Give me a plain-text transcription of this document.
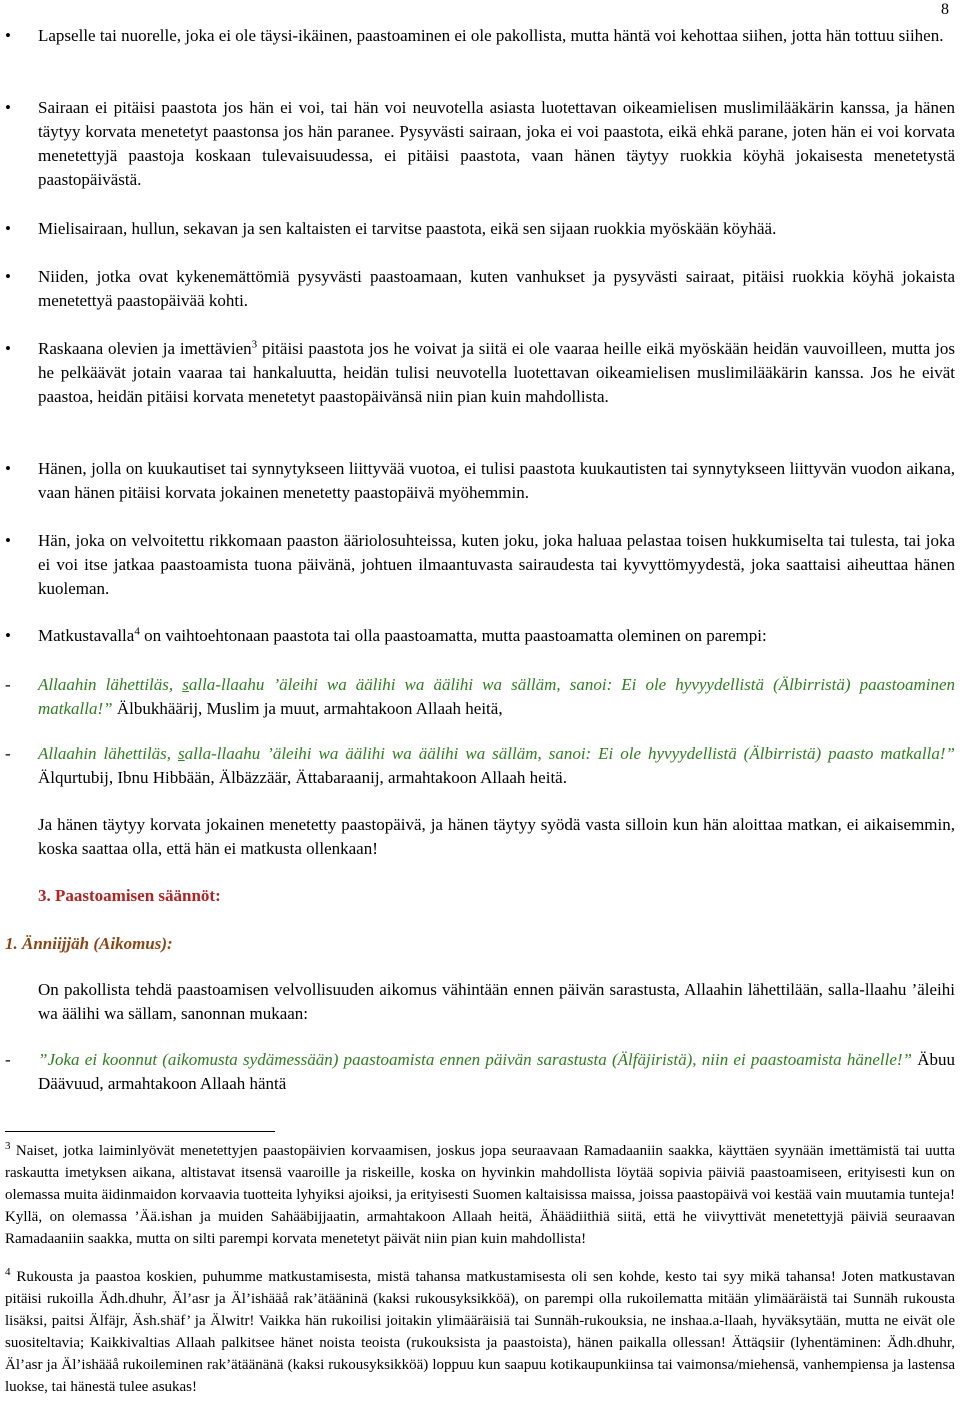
8
• Lapselle tai nuorelle, joka ei ole täysi-ikäinen, paastoaminen ei ole pakollista, mutta häntä voi kehottaa siihen, jotta hän tottuu siihen.
• Sairaan ei pitäisi paastota jos hän ei voi, tai hän voi neuvotella asiasta luotettavan oikeamielisen muslimilääkärin kanssa, ja hänen täytyy korvata menetetyt paastonsa jos hän paranee. Pysyvästi sairaan, joka ei voi paastota, eikä ehkä parane, joten hän ei voi korvata menetettyjä paastoja koskaan tulevaisuudessa, ei pitäisi paastota, vaan hänen täytyy ruokkia köyhä jokaisesta menetetystä paastopäivästä.
• Mielisairaan, hullun, sekavan ja sen kaltaisten ei tarvitse paastota, eikä sen sijaan ruokkia myöskään köyhää.
• Niiden, jotka ovat kykenemättömiä pysyvästi paastoamaan, kuten vanhukset ja pysyvästi sairaat, pitäisi ruokkia köyhä jokaista menetettyä paastopäivää kohti.
• Raskaana olevien ja imettävien$^3$ pitäisi paastota jos he voivat ja siitä ei ole vaaraa heille eikä myöskään heidän vauvoilleen, mutta jos he pelkäävät jotain vaaraa tai hankaluutta, heidän tulisi neuvotella luotettavan oikeamielisen muslimilääkärin kanssa. Jos he eivät paastoa, heidän pitäisi korvata menetetyt paastopäivänsä niin pian kuin mahdollista.
• Hänen, jolla on kuukautiset tai synnytykseen liittyvää vuotoa, ei tulisi paastota kuukautisten tai synnytykseen liittyvän vuodon aikana, vaan hänen pitäisi korvata jokainen menetetty paastopäivä myöhemmin.
• Hän, joka on velvoitettu rikkomaan paaston ääriolosuhteissa, kuten joku, joka haluaa pelastaa toisen hukkumiselta tai tulesta, tai joka ei voi itse jatkaa paastoamista tuona päivänä, johtuen ilmaantuvasta sairaudesta tai kyvyttömyydestä, joka saattaisi aiheuttaa hänen kuoleman.
• Matkustavalla$^4$ on vaihtoehtonaan paastota tai olla paastoamatta, mutta paastoamatta oleminen on parempi:
- Allaahin lähettiläs, salla-llaahu ’äleihi wa äälihi wa äälihi wa sälläm, sanoi: Ei ole hyvyydellistä (Älbirristä) paastoaminen matkalla!” Älbukhäärij, Muslim ja muut, armahtakoon Allaah heitä,
- Allaahin lähettiläs, salla-llaahu ’äleihi wa äälihi wa äälihi wa sälläm, sanoi: Ei ole hyvyydellistä (Älbirristä) paasto matkalla!” Älqurtubij, Ibnu Hibbään, Älbäzzäär, Ättabaraanij, armahtakoon Allaah heitä.
Ja hänen täytyy korvata jokainen menetetty paastopäivä, ja hänen täytyy syödä vasta silloin kun hän aloittaa matkan, ei aikaisemmin, koska saattaa olla, että hän ei matkusta ollenkaan!
3. Paastoamisen säännöt:
1. Änniijjäh (Aikomus):
On pakollista tehdä paastoamisen velvollisuuden aikomus vähintään ennen päivän sarastusta, Allaahin lähettilään, salla-llaahu ’äleihi wa äälihi wa sällam, sanonnan mukaan:
- ”Joka ei koonnut (aikomusta sydämessään) paastoamista ennen päivän sarastusta (Älfäjiristä), niin ei paastoamista hänelle!” Äbuu Däävuud, armahtakoon Allaah häntä
$^3$ Naiset, jotka laiminlyövät menetettyjen paastopäivien korvaamisen, joskus jopa seuraavaan Ramadaaniin saakka, käyttäen syynään imettämistä tai uutta raskautta imetyksen aikana, altistavat itsensä vaaroille ja riskeille, koska on hyvinkin mahdollista löytää sopivia päiviä paastoamiseen, erityisesti kun on olemassa muita äidinmaidon korvaavia tuotteita lyhyiksi ajoiksi, ja erityisesti Suomen kaltaisissa maissa, joissa paastopäivä voi kestää vain muutamia tunteja! Kyllä, on olemassa ’Ää.ishan ja muiden Sahääbijjaatin, armahtakoon Allaah heitä, Ähäädiithiä siitä, että he viivyttivät menetettyjä päiviä seuraavan Ramadaaniin saakka, mutta on silti parempi korvata menetetyt päivät niin pian kuin mahdollista!
$^4$ Rukousta ja paastoa koskien, puhumme matkustamisesta, mistä tahansa matkustamisesta oli sen kohde, kesto tai syy mikä tahansa! Joten matkustavan pitäisi rukoilla Ädh.dhuhr, Äl’asr ja Äl’ishääå rak’ätääninä (kaksi rukousyksikköä), on parempi olla rukoilematta mitään ylimääräistä tai Sunnäh rukousta lisäksi, paitsi Älfäjr, Äsh.shäf’ ja Älwitr! Vaikka hän rukoilisi joitakin ylimääräisiä tai Sunnäh-rukouksia, ne inshaa.a-llaah, hyväksytään, mutta ne eivät ole suositeltavia; Kaikkivaltias Allaah palkitsee hänet noista teoista (rukouksista ja paastoista), hänen paikalla ollessan! Ättäqsiir (lyhentäminen: Ädh.dhuhr, Äl’asr ja Äl’ishääå rukoileminen rak’ätäänänä (kaksi rukousyksikköä) loppuu kun saapuu kotikaupunkiinsa tai vaimonsa/miehensä, vanhempiensa ja lastensa luokse, tai hänestä tulee asukas!
